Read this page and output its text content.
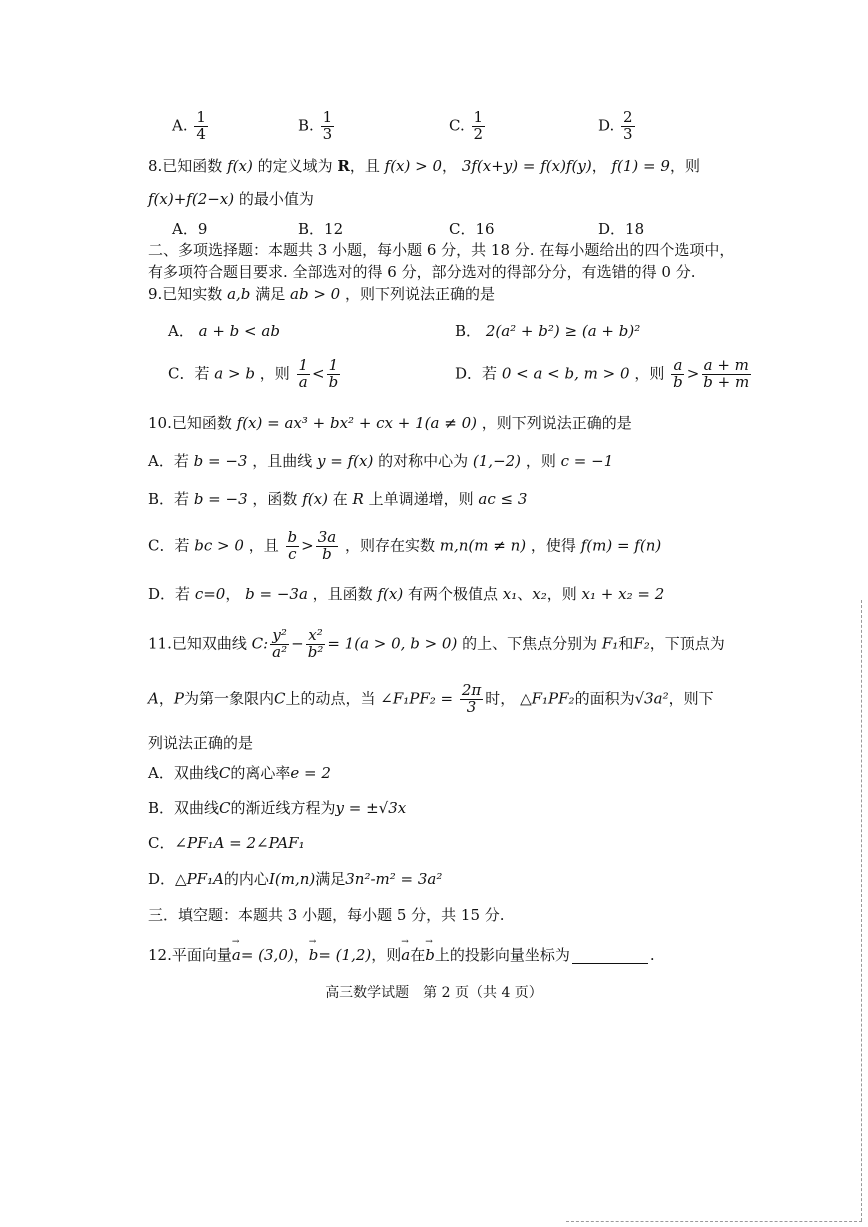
A. $\frac{1}{4}$	B. $\frac{1}{3}$	C. $\frac{1}{2}$	D. $\frac{2}{3}$
8.已知函数 f(x) 的定义域为 R，且 f(x) > 0， 3f(x+y) = f(x)f(y)， f(1) = 9，则
f(x)+f(2−x) 的最小值为
A．9	B．12	C．16	D．18
二、多项选择题：本题共 3 小题，每小题 6 分，共 18 分. 在每小题给出的四个选项中，
有多项符合题目要求. 全部选对的得 6 分，部分选对的得部分分，有选错的得 0 分.
9.已知实数 a,b 满足 ab > 0 ，则下列说法正确的是
A． a + b < ab	B． 2(a² + b²) ≥ (a + b)²
C．若 a > b ，则 $\frac{1}{a} < \frac{1}{b}$	D．若 0 < a < b, m > 0 ，则 $\frac{a}{b} > \frac{a + m}{b + m}$
10.已知函数 f(x) = ax³ + bx² + cx + 1(a ≠ 0) ，则下列说法正确的是
A．若 b = −3 ，且曲线 y = f(x) 的对称中心为 (1,−2) ，则 c = −1
B．若 b = −3 ，函数 f(x) 在 R 上单调递增，则 ac ≤ 3
C．若 bc > 0 ，且 $\frac{b}{c} > \frac{3a}{b}$ ，则存在实数 m,n(m ≠ n) ，使得 f(m) = f(n)
D．若 c=0， b = −3a ，且函数 f(x) 有两个极值点 x₁、x₂，则 x₁ + x₂ = 2
11.已知双曲线 C: $\frac{\text{y²}}{\text{a²}} - \frac{\text{x²}}{\text{b²}} = 1(a > 0$, b > 0) 的上、下焦点分别为 F₁和F₂，下顶点为
A，P为第一象限内C上的动点，当 ∠F₁PF₂ = $\frac{2\pi}{3}$ 时， △F₁PF₂的面积为√3a²，则下
列说法正确的是
A．双曲线C的离心率e = 2
B．双曲线C的渐近线方程为y = ±√3x
C．∠PF₁A = 2∠PAF₁
D．△PF₁A的内心I(m,n)满足3n²-m² = 3a²
三．填空题：本题共 3 小题，每小题 5 分，共 15 分.
12.平面向量→ a= (3,0)，→ b= (1,2)，则→ a在→ b上的投影向量坐标为	.
高三数学试题　第 2 页（共 4 页）
